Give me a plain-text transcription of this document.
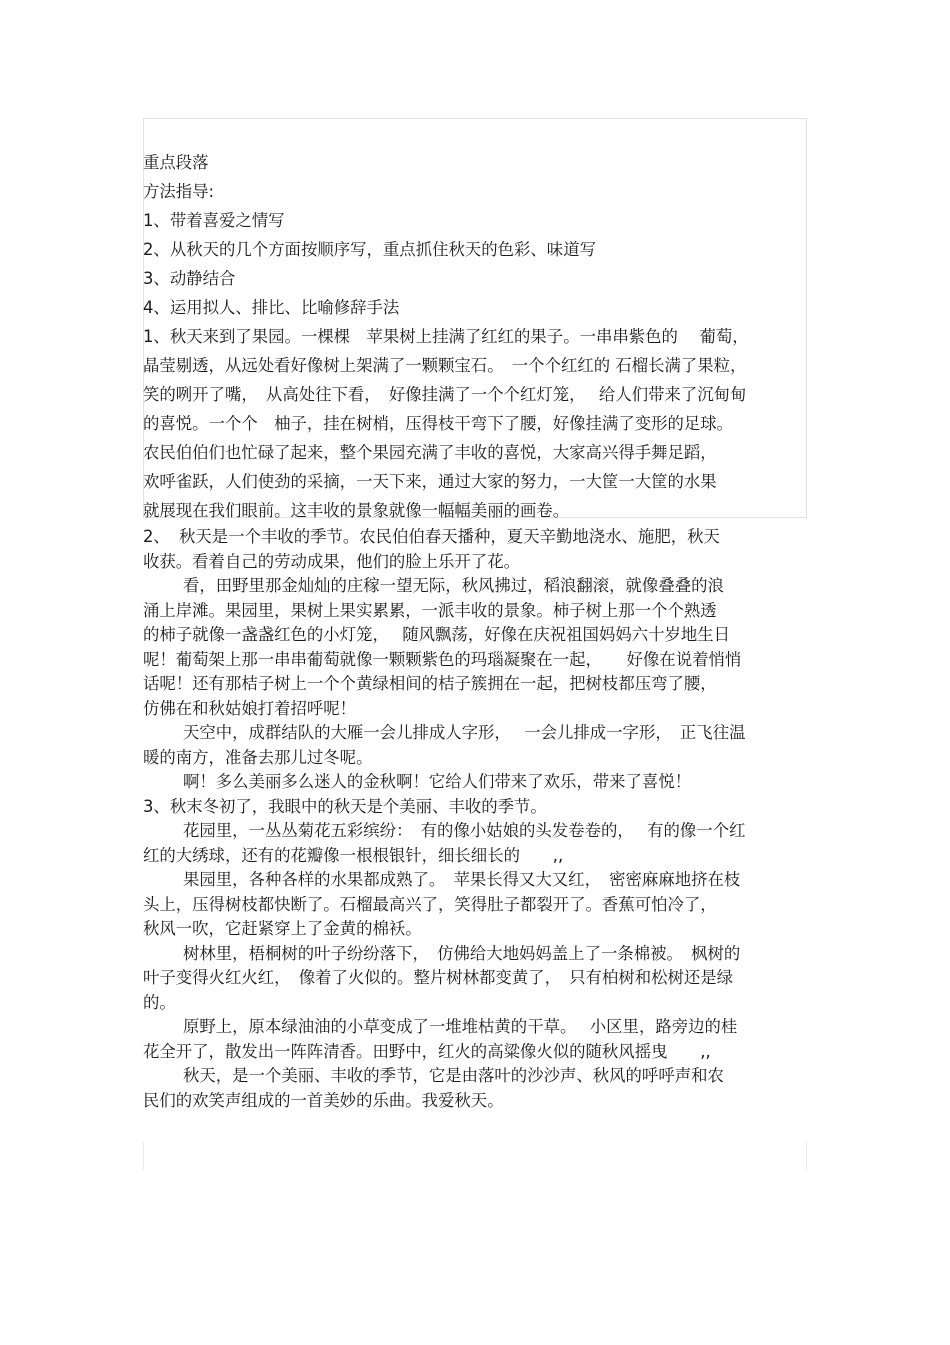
重点段落
方法指导:
1、带着喜爱之情写
2、从秋天的几个方面按顺序写，重点抓住秋天的色彩、味道写
3、动静结合
4、运用拟人、排比、比喻修辞手法
1、秋天来到了果园。一棵棵　苹果树上挂满了红红的果子。一串串紫色的　 葡萄，
晶莹剔透，从远处看好像树上架满了一颗颗宝石。　一个个红红的 石榴长满了果粒，
笑的咧开了嘴，　从高处往下看，　好像挂满了一个个红灯笼，　 给人们带来了沉甸甸
的喜悦。一个个　柚子，挂在树梢，压得枝干弯下了腰，好像挂满了变形的足球。
农民伯伯们也忙碌了起来，整个果园充满了丰收的喜悦，大家高兴得手舞足蹈，
欢呼雀跃，人们使劲的采摘，一天下来，通过大家的努力，一大筐一大筐的水果
就展现在我们眼前。这丰收的景象就像一幅幅美丽的画卷。
2、 秋天是一个丰收的季节。农民伯伯春天播种，夏天辛勤地浇水、施肥，秋天
收获。看着自己的劳动成果，他们的脸上乐开了花。
看，田野里那金灿灿的庄稼一望无际，秋风拂过，稻浪翻滚，就像叠叠的浪
涌上岸滩。果园里，果树上果实累累，一派丰收的景象。柿子树上那一个个熟透
的柿子就像一盏盏红色的小灯笼，　 随风飘荡，好像在庆祝祖国妈妈六十岁地生日
呢！葡萄架上那一串串葡萄就像一颗颗紫色的玛瑙凝聚在一起，　　好像在说着悄悄
话呢！还有那桔子树上一个个黄绿相间的桔子簇拥在一起，把树枝都压弯了腰，
仿佛在和秋姑娘打着招呼呢！
天空中，成群结队的大雁一会儿排成人字形，　 一会儿排成一字形，　正飞往温
暖的南方，准备去那儿过冬呢。
啊！多么美丽多么迷人的金秋啊！它给人们带来了欢乐，带来了喜悦！
3、秋末冬初了，我眼中的秋天是个美丽、丰收的季节。
花园里，一丛丛菊花五彩缤纷：　有的像小姑娘的头发卷卷的，　 有的像一个红
红的大绣球，还有的花瓣像一根根银针，细长细长的　　,,
果园里，各种各样的水果都成熟了。　苹果长得又大又红，　密密麻麻地挤在枝
头上，压得树枝都快断了。石榴最高兴了，笑得肚子都裂开了。香蕉可怕冷了，
秋风一吹，它赶紧穿上了金黄的棉袄。
树林里，梧桐树的叶子纷纷落下，　仿佛给大地妈妈盖上了一条棉被。　枫树的
叶子变得火红火红，　像着了火似的。整片树林都变黄了，　只有柏树和松树还是绿
的。
原野上，原本绿油油的小草变成了一堆堆枯黄的干草。　 小区里，路旁边的桂
花全开了，散发出一阵阵清香。田野中，红火的高粱像火似的随秋风摇曳　　,,
秋天，是一个美丽、丰收的季节，它是由落叶的沙沙声、秋风的呼呼声和农
民们的欢笑声组成的一首美妙的乐曲。我爱秋天。
